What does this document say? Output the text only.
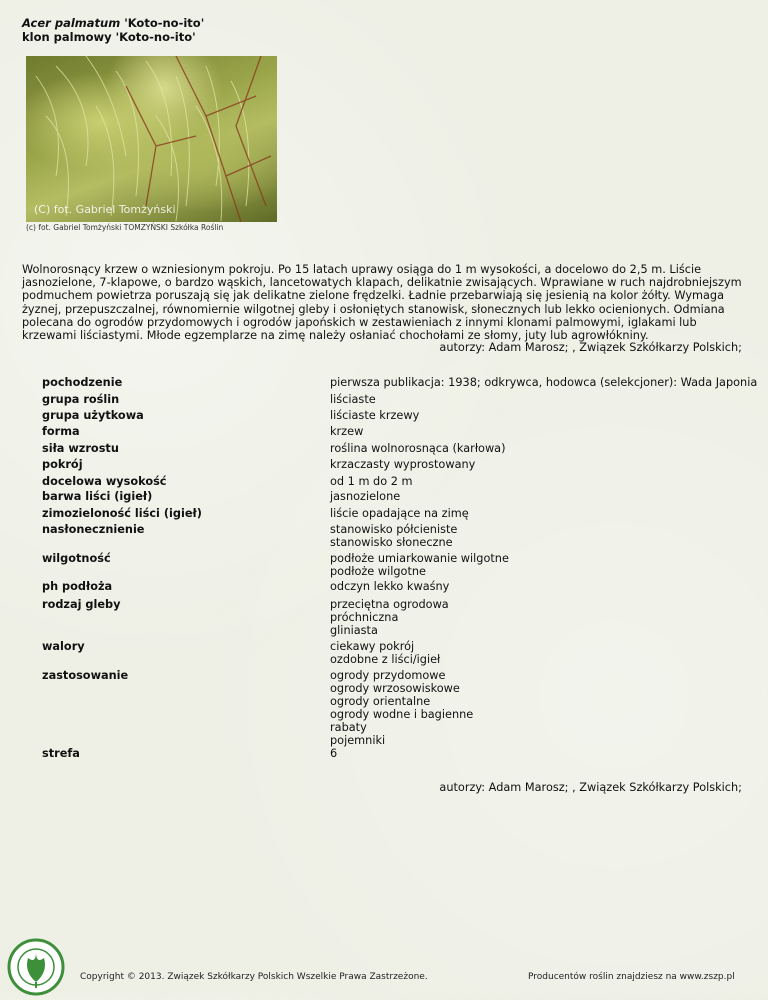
Acer palmatum 'Koto-no-ito'
klon palmowy 'Koto-no-ito'
(C) fot. Gabriel Tomżyński
(c) fot. Gabriel Tomżyński TOMZYŃSKI Szkółka Roślin
Wolnorosnący krzew o wzniesionym pokroju. Po 15 latach uprawy osiąga do 1 m wysokości, a docelowo do 2,5 m. Liście jasnozielone, 7-klapowe, o bardzo wąskich, lancetowatych klapach, delikatnie zwisających. Wprawiane w ruch najdrobniejszym podmuchem powietrza poruszają się jak delikatne zielone frędzelki. Ładnie przebarwiają się jesienią na kolor żółty. Wymaga żyznej, przepuszczalnej, równomiernie wilgotnej gleby i osłoniętych stanowisk, słonecznych lub lekko ocienionych. Odmiana polecana do ogrodów przydomowych i ogrodów japońskich w zestawieniach z innymi klonami palmowymi, iglakami lub krzewami liściastymi. Młode egzemplarze na zimę należy osłaniać chochołami ze słomy, juty lub agrowłókniny.
autorzy: Adam Marosz; , Związek Szkółkarzy Polskich;
pochodzenie	pierwsza publikacja: 1938; odkrywca, hodowca (selekcjoner): Wada Japonia
grupa roślin	liściaste
grupa użytkowa	liściaste krzewy
forma	krzew
siła wzrostu	roślina wolnorosnąca (karłowa)
pokrój	krzaczasty wyprostowany
docelowa wysokość	od 1 m do 2 m
barwa liści (igieł)	jasnozielone
zimozieloność liści (igieł)	liście opadające na zimę
nasłonecznienie	stanowisko półcieniste
stanowisko słoneczne
wilgotność	podłoże umiarkowanie wilgotne
podłoże wilgotne
ph podłoża	odczyn lekko kwaśny
rodzaj gleby	przeciętna ogrodowa
próchniczna
gliniasta
walory	ciekawy pokrój
ozdobne z liści/igieł
zastosowanie	ogrody przydomowe
ogrody wrzosowiskowe
ogrody orientalne
ogrody wodne i bagienne
rabaty
pojemniki
strefa	6
autorzy: Adam Marosz; , Związek Szkółkarzy Polskich;
Copyright © 2013. Związek Szkółkarzy Polskich Wszelkie Prawa Zastrzeżone.	Producentów roślin znajdziesz na www.zszp.pl
